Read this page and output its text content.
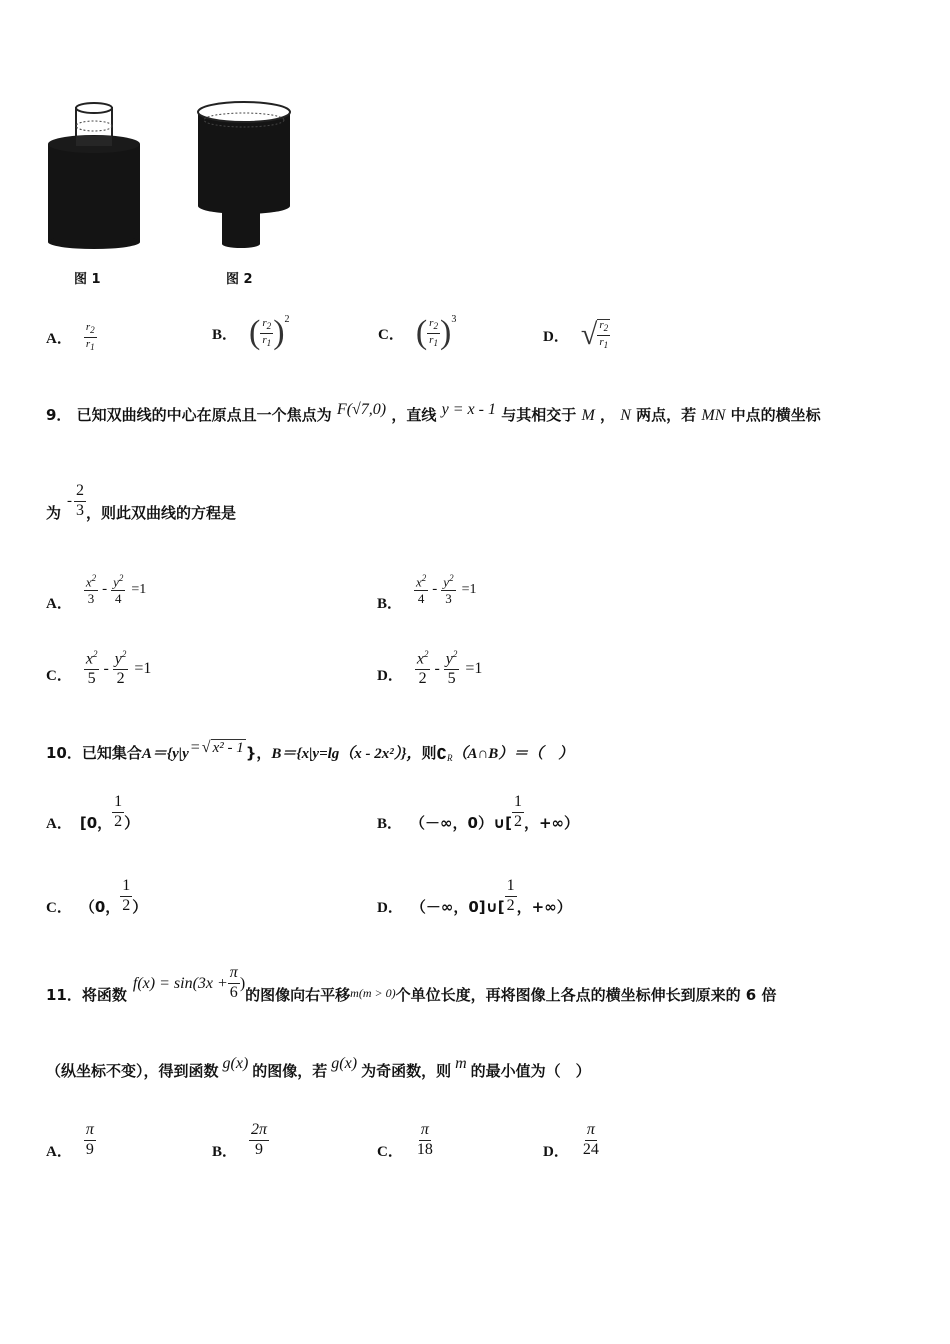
图 1	图 2
A． $\frac{r_2}{r_1}$	B． ( $\frac{r_2}{r_1}$ ) 2
C． ( $\frac{r_2}{r_1}$ ) 3
D． √ $\frac{r_2}{r_1}$
9． 已知双曲线的中心在原点且一个焦点为 F(√7,0) ，直线 y = x - 1 与其相交于 M ， N 两点，若 MN 中点的横坐标
为
- $\frac{2}{3}$ ，则此双曲线的方程是
A． $\frac{x^2}{3} - \frac{y^2}{4} =1$
B． $\frac{x^2}{4} - \frac{y^2}{3} =1$
C． $\frac{x^2}{5} - \frac{y^2}{2} =1$	D． $\frac{x^2}{2} - \frac{y^2}{5} =1$
10． 已知集合 A＝{y|y = √ x² - 1 }， B＝{x|y=lg（x - 2x²）}， 则 ∁ R （A∩B）＝（　）
A． [0， $\frac{1}{2}$ ）	B． （－∞，0）∪[ $\frac{1}{2}$ ，+∞）
C． （0， $\frac{1}{2}$ ）	D． （－∞，0]∪[ $\frac{1}{2}$ ，+∞）
11． 将函数
$f(x) = \sin(3x + \frac{\pi}{6}$ )
的图像向右平移 m(m > 0) 个单位长度，再将图像上各点的横坐标伸长到原来的 6 倍
（纵坐标不变），得到函数 g(x) 的图像，若 g(x) 为奇函数，则 m 的最小值为（　）
A． $\frac{\pi}{9}$	B． $\frac{2\pi}{9}$	C． $\frac{\pi}{18}$	D． $\frac{\pi}{24}$
